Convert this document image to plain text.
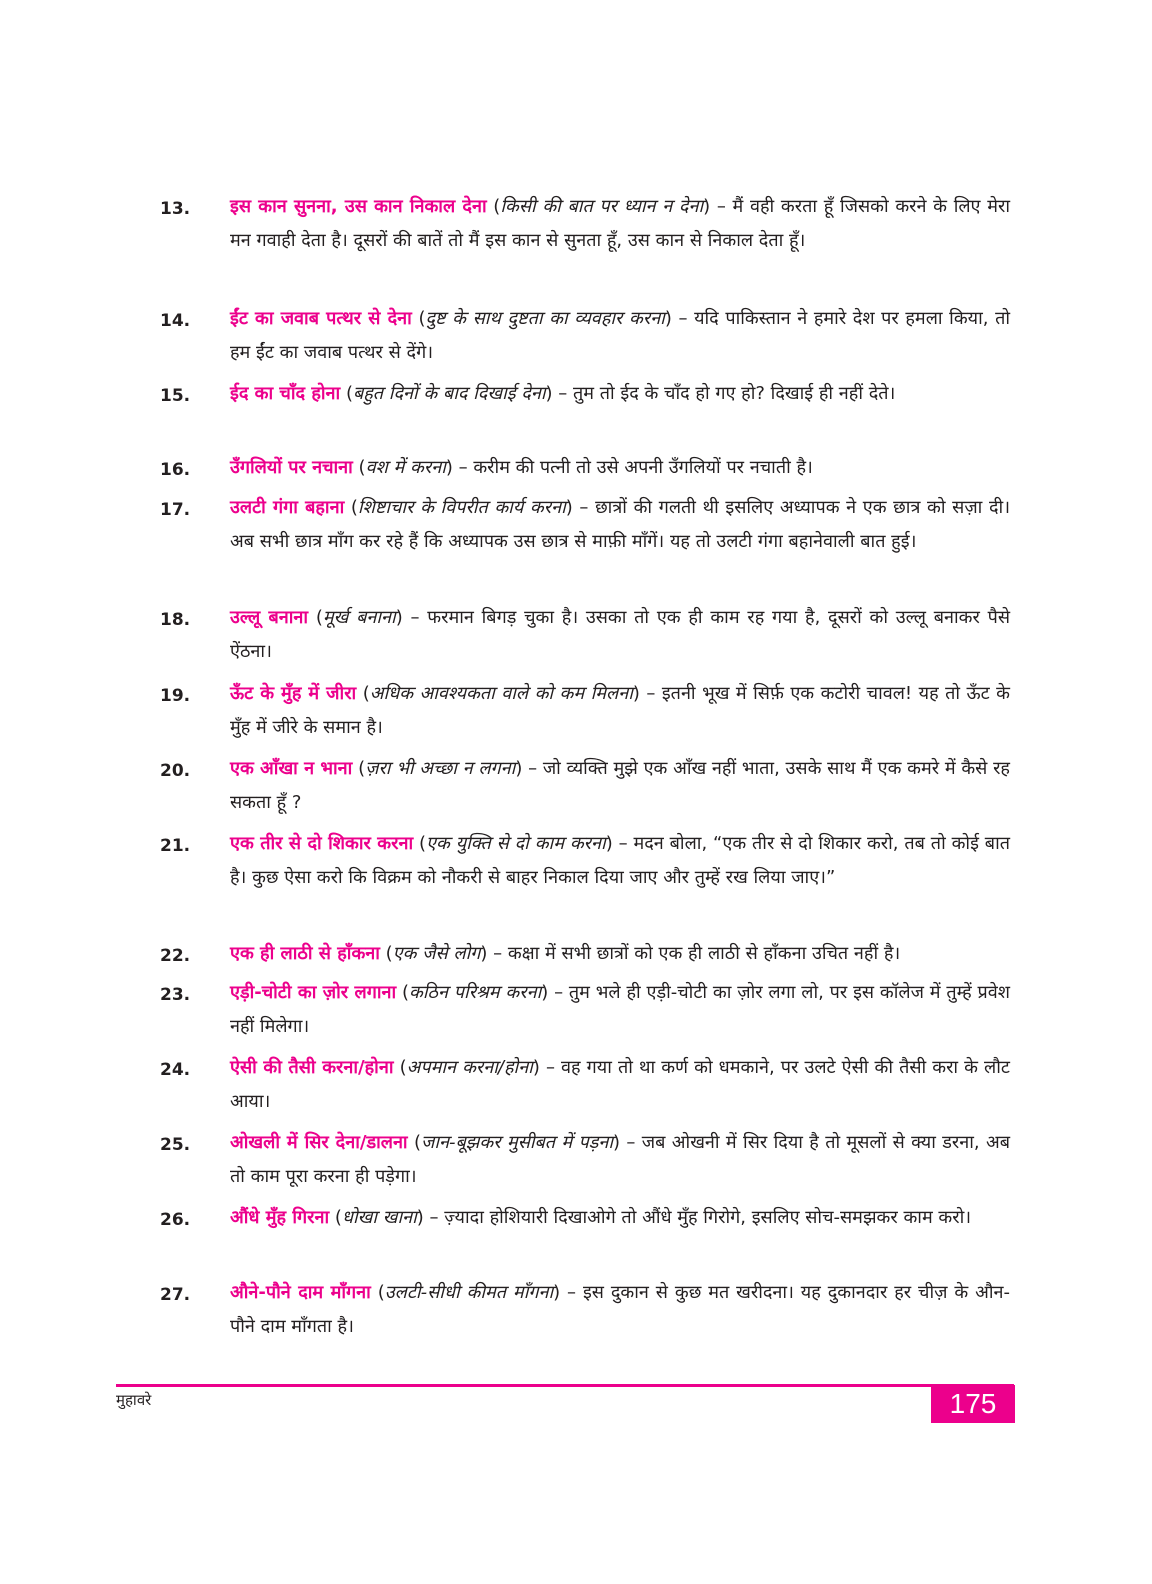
13.	इस कान सुनना, उस कान निकाल देना (किसी की बात पर ध्यान न देना) – मैं वही करता हूँ जिसको करने के लिए मेरा मन गवाही देता है। दूसरों की बातें तो मैं इस कान से सुनता हूँ, उस कान से निकाल देता हूँ।
14.	ईंट का जवाब पत्थर से देना (दुष्ट के साथ दुष्टता का व्यवहार करना) – यदि पाकिस्तान ने हमारे देश पर हमला किया, तो हम ईंट का जवाब पत्थर से देंगे।
15.	ईद का चाँद होना (बहुत दिनों के बाद दिखाई देना) – तुम तो ईद के चाँद हो गए हो? दिखाई ही नहीं देते।
16.	उँगलियों पर नचाना (वश में करना) – करीम की पत्नी तो उसे अपनी उँगलियों पर नचाती है।
17.	उलटी गंगा बहाना (शिष्टाचार के विपरीत कार्य करना) – छात्रों की गलती थी इसलिए अध्यापक ने एक छात्र को सज़ा दी। अब सभी छात्र माँग कर रहे हैं कि अध्यापक उस छात्र से माफ़ी माँगें। यह तो उलटी गंगा बहानेवाली बात हुई।
18.	उल्लू बनाना (मूर्ख बनाना) – फरमान बिगड़ चुका है। उसका तो एक ही काम रह गया है, दूसरों को उल्लू बनाकर पैसे ऐंठना।
19.	ऊँट के मुँह में जीरा (अधिक आवश्यकता वाले को कम मिलना) – इतनी भूख में सिर्फ़ एक कटोरी चावल! यह तो ऊँट के मुँह में जीरे के समान है।
20.	एक आँखा न भाना (ज़रा भी अच्छा न लगना) – जो व्यक्ति मुझे एक आँख नहीं भाता, उसके साथ मैं एक कमरे में कैसे रह सकता हूँ ?
21.	एक तीर से दो शिकार करना (एक युक्ति से दो काम करना) – मदन बोला, “एक तीर से दो शिकार करो, तब तो कोई बात है। कुछ ऐसा करो कि विक्रम को नौकरी से बाहर निकाल दिया जाए और तुम्हें रख लिया जाए।”
22.	एक ही लाठी से हाँकना (एक जैसे लोग) – कक्षा में सभी छात्रों को एक ही लाठी से हाँकना उचित नहीं है।
23.	एड़ी-चोटी का ज़ोर लगाना (कठिन परिश्रम करना) – तुम भले ही एड़ी-चोटी का ज़ोर लगा लो, पर इस कॉलेज में तुम्हें प्रवेश नहीं मिलेगा।
24.	ऐसी की तैसी करना/होना (अपमान करना/होना) – वह गया तो था कर्ण को धमकाने, पर उलटे ऐसी की तैसी करा के लौट आया।
25.	ओखली में सिर देना/डालना (जान-बूझकर मुसीबत में पड़ना) – जब ओखनी में सिर दिया है तो मूसलों से क्या डरना, अब तो काम पूरा करना ही पड़ेगा।
26.	औंधे मुँह गिरना (धोखा खाना) – ज़्यादा होशियारी दिखाओगे तो औंधे मुँह गिरोगे, इसलिए सोच-समझकर काम करो।
27.	औने-पौने दाम माँगना (उलटी-सीधी कीमत माँगना) – इस दुकान से कुछ मत खरीदना। यह दुकानदार हर चीज़ के औन-पौने दाम माँगता है।
मुहावरे	175
